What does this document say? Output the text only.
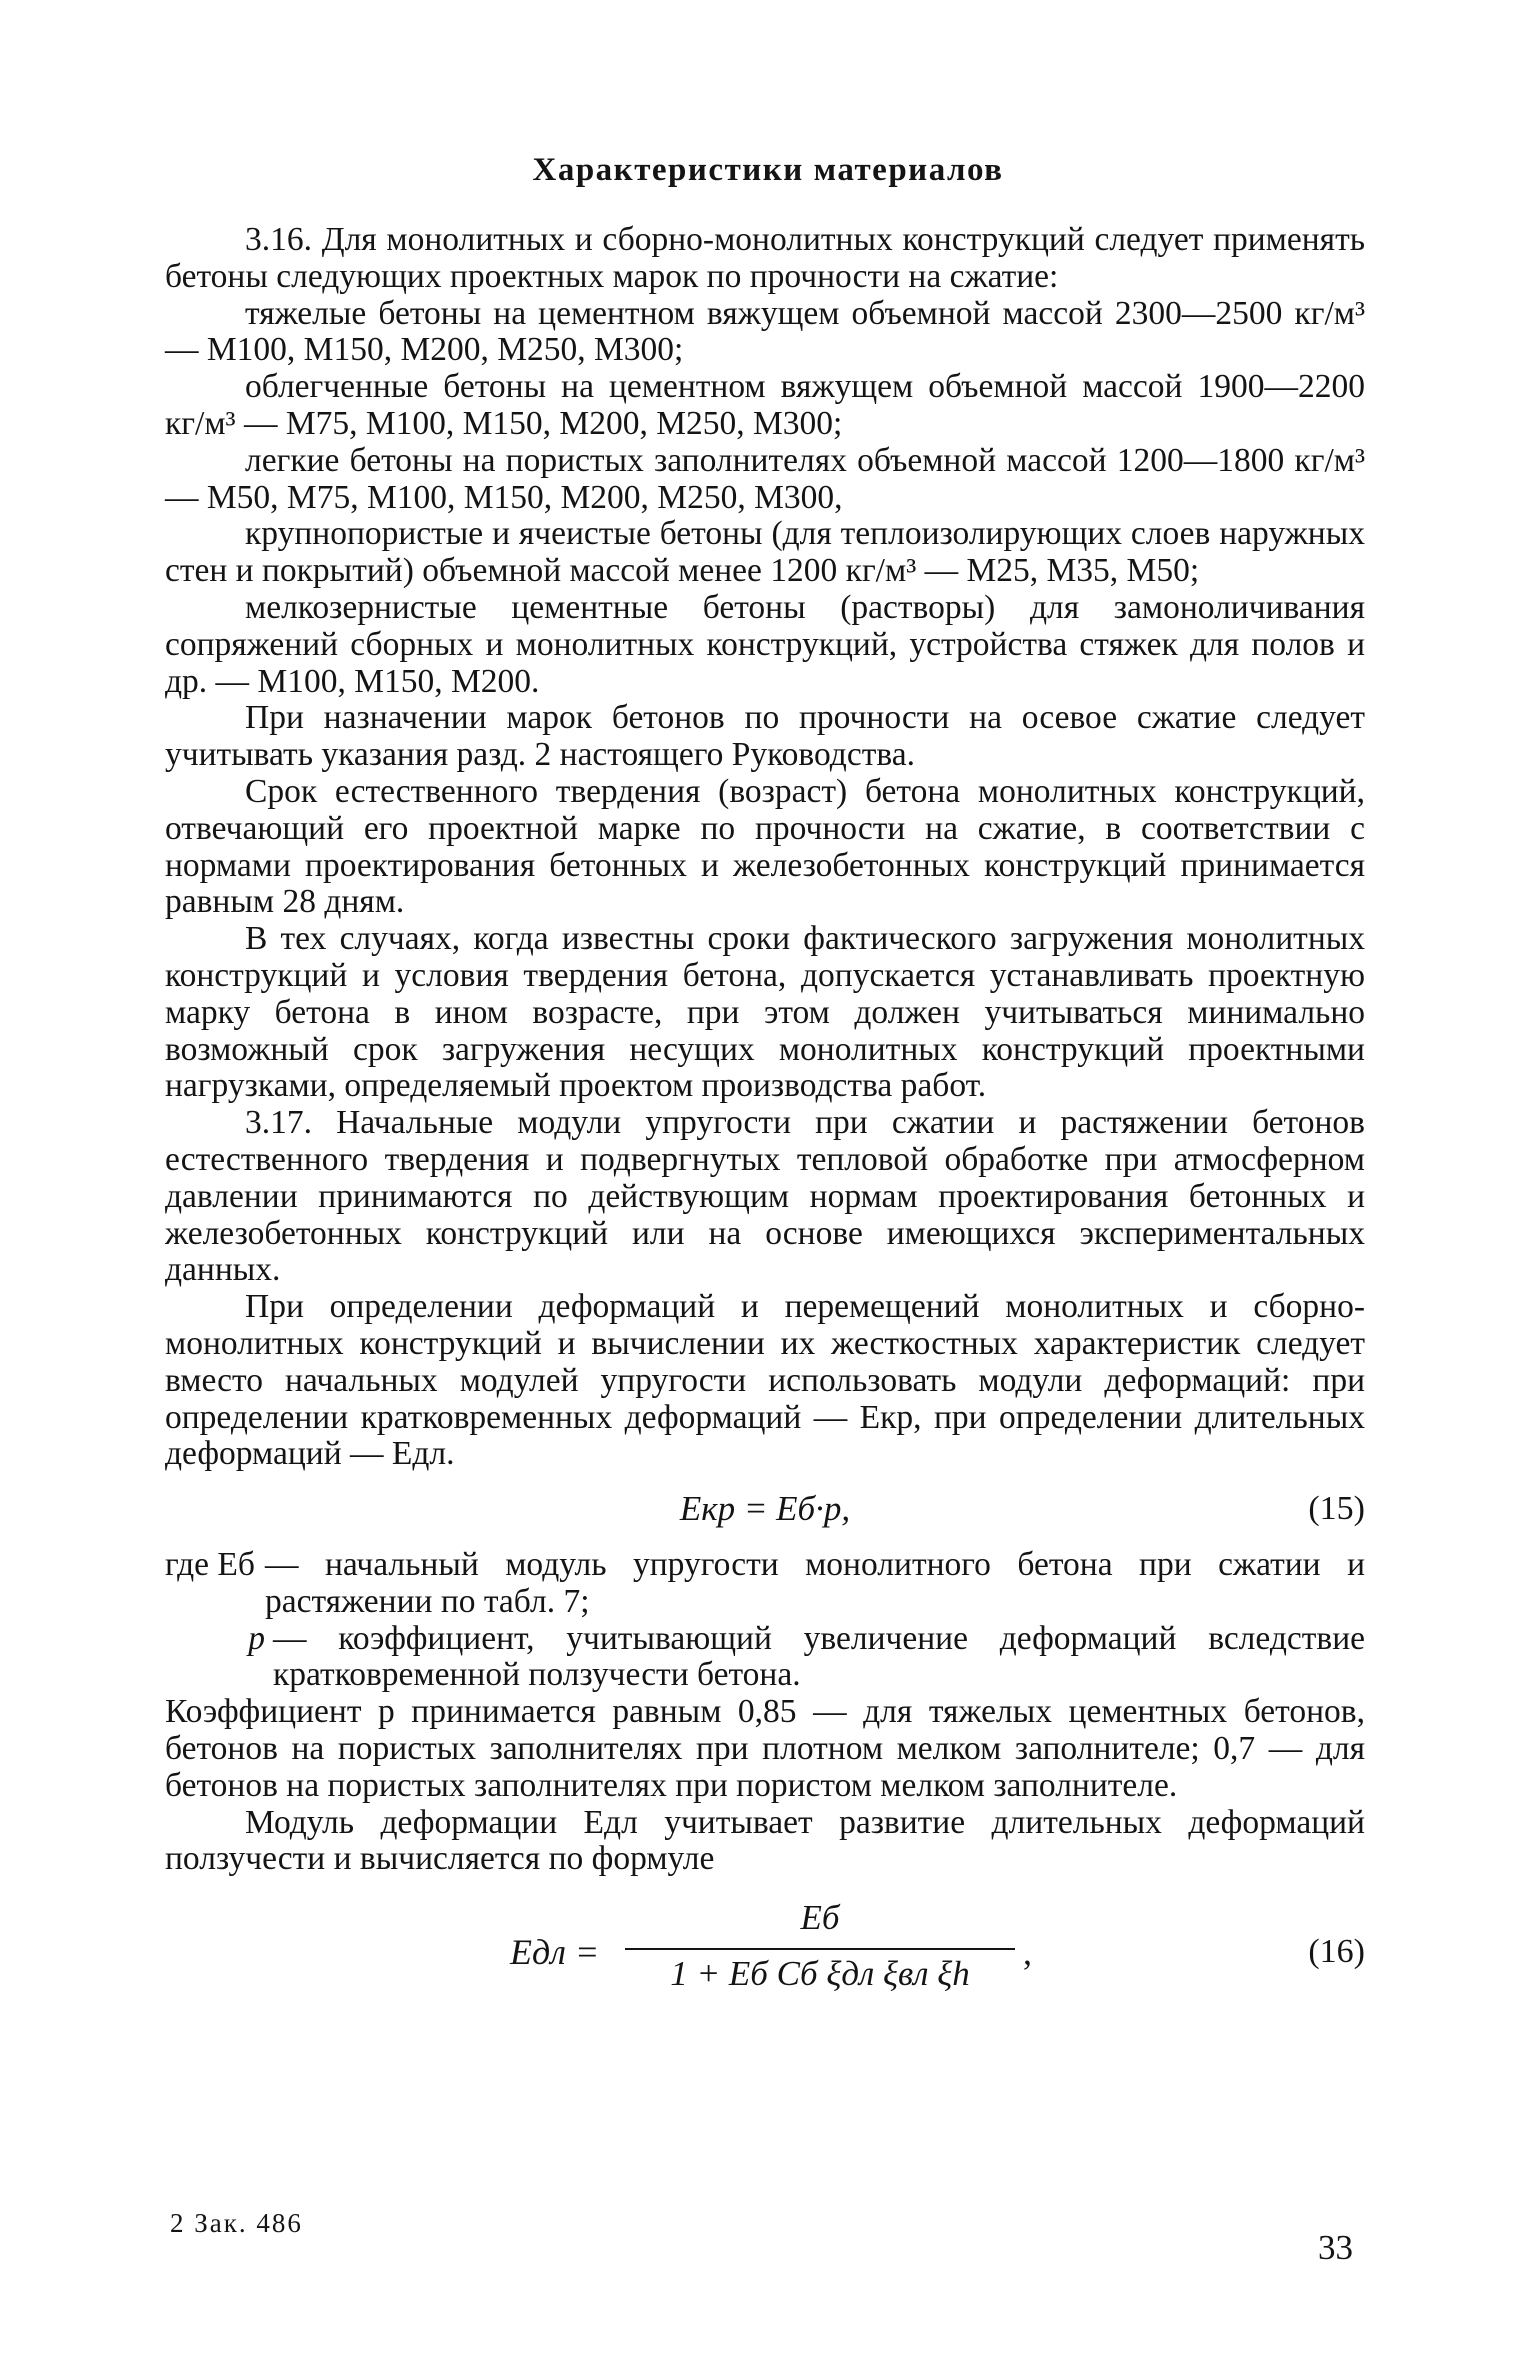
Характеристики материалов

3.16. Для монолитных и сборно-монолитных конструкций следует применять бетоны следующих проектных марок по прочности на сжатие:

тяжелые бетоны на цементном вяжущем объемной массой 2300—2500 кг/м³ — М100, М150, М200, М250, М300;

облегченные бетоны на цементном вяжущем объемной массой 1900—2200 кг/м³ — М75, М100, М150, М200, М250, М300;

легкие бетоны на пористых заполнителях объемной массой 1200—1800 кг/м³ — М50, М75, М100, М150, М200, М250, М300,

крупнопористые и ячеистые бетоны (для теплоизолирующих слоев наружных стен и покрытий) объемной массой менее 1200 кг/м³ — М25, М35, М50;

мелкозернистые цементные бетоны (растворы) для замоноличивания сопряжений сборных и монолитных конструкций, устройства стяжек для полов и др. — М100, М150, М200.

При назначении марок бетонов по прочности на осевое сжатие следует учитывать указания разд. 2 настоящего Руководства.

Срок естественного твердения (возраст) бетона монолитных конструкций, отвечающий его проектной марке по прочности на сжатие, в соответствии с нормами проектирования бетонных и железобетонных конструкций принимается равным 28 дням.

В тех случаях, когда известны сроки фактического загружения монолитных конструкций и условия твердения бетона, допускается устанавливать проектную марку бетона в ином возрасте, при этом должен учитываться минимально возможный срок загружения несущих монолитных конструкций проектными нагрузками, определяемый проектом производства работ.

3.17. Начальные модули упругости при сжатии и растяжении бетонов естественного твердения и подвергнутых тепловой обработке при атмосферном давлении принимаются по действующим нормам проектирования бетонных и железобетонных конструкций или на основе имеющихся экспериментальных данных.

При определении деформаций и перемещений монолитных и сборно-монолитных конструкций и вычислении их жесткостных характеристик следует вместо начальных модулей упругости использовать модули деформаций: при определении кратковременных деформаций — Eкр, при определении длительных деформаций — Eдл.

Eкр = Eб·p,	(15)
где Eб — начальный модуль упругости монолитного бетона при сжатии и растяжении по табл. 7;
p — коэффициент, учитывающий увеличение деформаций вследствие кратковременной ползучести бетона.

Коэффициент p принимается равным 0,85 — для тяжелых цементных бетонов, бетонов на пористых заполнителях при плотном мелком заполнителе; 0,7 — для бетонов на пористых заполнителях при пористом мелком заполнителе.

Модуль деформации Eдл учитывает развитие длительных деформаций ползучести и вычисляется по формуле

Eдл =
Eб
1 + Eб Cб ξдл ξвл ξh
,	(16)
2 Зак. 486
33
